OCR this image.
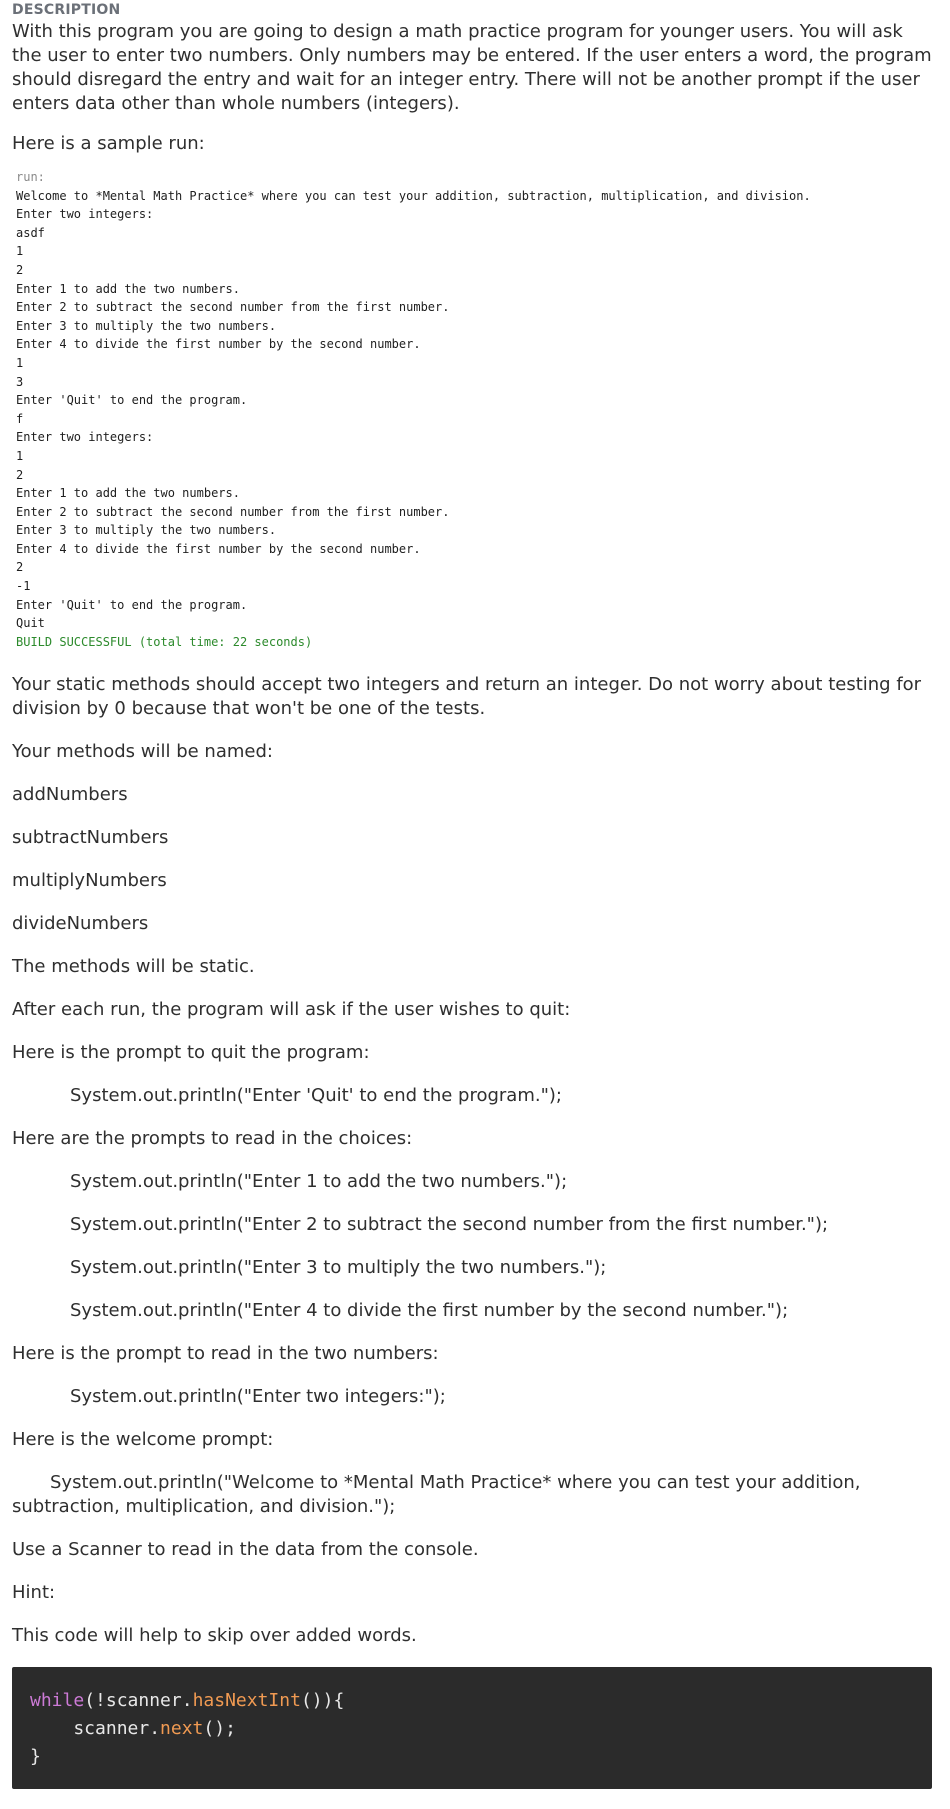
DESCRIPTION
With this program you are going to design a math practice program for younger users. You will ask the user to enter two numbers. Only numbers may be entered. If the user enters a word, the program should disregard the entry and wait for an integer entry. There will not be another prompt if the user enters data other than whole numbers (integers).
Here is a sample run:
run:
Welcome to *Mental Math Practice* where you can test your addition, subtraction, multiplication, and division.
Enter two integers:
asdf
1
2
Enter 1 to add the two numbers.
Enter 2 to subtract the second number from the first number.
Enter 3 to multiply the two numbers.
Enter 4 to divide the first number by the second number.
1
3
Enter 'Quit' to end the program.
f
Enter two integers:
1
2
Enter 1 to add the two numbers.
Enter 2 to subtract the second number from the first number.
Enter 3 to multiply the two numbers.
Enter 4 to divide the first number by the second number.
2
-1
Enter 'Quit' to end the program.
Quit
BUILD SUCCESSFUL (total time: 22 seconds)
Your static methods should accept two integers and return an integer. Do not worry about testing for division by 0 because that won't be one of the tests.
Your methods will be named:
addNumbers
subtractNumbers
multiplyNumbers
divideNumbers
The methods will be static.
After each run, the program will ask if the user wishes to quit:
Here is the prompt to quit the program:
System.out.println("Enter 'Quit' to end the program.");
Here are the prompts to read in the choices:
System.out.println("Enter 1 to add the two numbers.");
System.out.println("Enter 2 to subtract the second number from the first number.");
System.out.println("Enter 3 to multiply the two numbers.");
System.out.println("Enter 4 to divide the first number by the second number.");
Here is the prompt to read in the two numbers:
System.out.println("Enter two integers:");
Here is the welcome prompt:
System.out.println("Welcome to *Mental Math Practice* where you can test your addition, subtraction, multiplication, and division.");
Use a Scanner to read in the data from the console.
Hint:
This code will help to skip over added words.
while(!scanner.hasNextInt()){
scanner.next();
}
